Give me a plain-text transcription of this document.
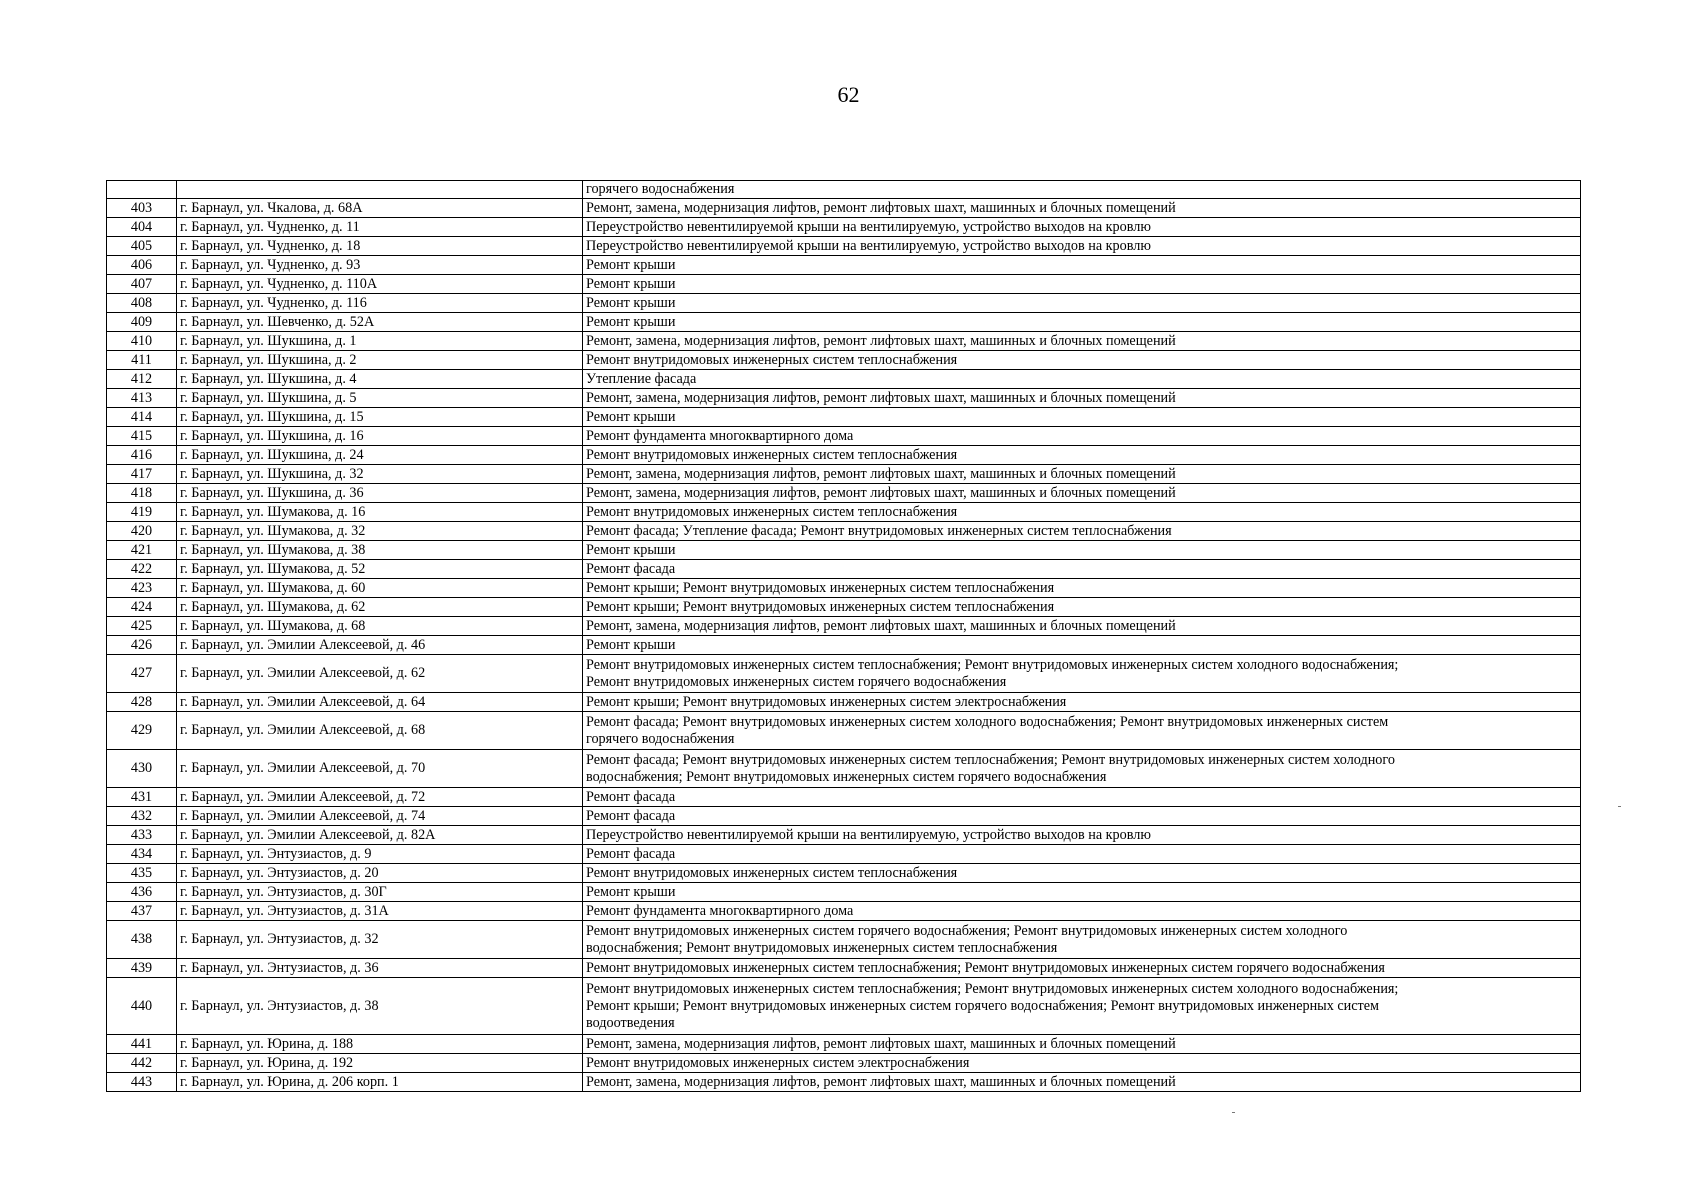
62
		горячего водоснабжения
403	г. Барнаул, ул. Чкалова, д. 68А	Ремонт, замена, модернизация лифтов, ремонт лифтовых шахт, машинных и блочных помещений

404	г. Барнаул, ул. Чудненко, д. 11	Переустройство невентилируемой крыши на вентилируемую, устройство выходов на кровлю

405	г. Барнаул, ул. Чудненко, д. 18	Переустройство невентилируемой крыши на вентилируемую, устройство выходов на кровлю

406	г. Барнаул, ул. Чудненко, д. 93	Ремонт крыши

407	г. Барнаул, ул. Чудненко, д. 110А	Ремонт крыши

408	г. Барнаул, ул. Чудненко, д. 116	Ремонт крыши

409	г. Барнаул, ул. Шевченко, д. 52А	Ремонт крыши

410	г. Барнаул, ул. Шукшина, д. 1	Ремонт, замена, модернизация лифтов, ремонт лифтовых шахт, машинных и блочных помещений

411	г. Барнаул, ул. Шукшина, д. 2	Ремонт внутридомовых инженерных систем теплоснабжения

412	г. Барнаул, ул. Шукшина, д. 4	Утепление фасада

413	г. Барнаул, ул. Шукшина, д. 5	Ремонт, замена, модернизация лифтов, ремонт лифтовых шахт, машинных и блочных помещений

414	г. Барнаул, ул. Шукшина, д. 15	Ремонт крыши

415	г. Барнаул, ул. Шукшина, д. 16	Ремонт фундамента многоквартирного дома

416	г. Барнаул, ул. Шукшина, д. 24	Ремонт внутридомовых инженерных систем теплоснабжения

417	г. Барнаул, ул. Шукшина, д. 32	Ремонт, замена, модернизация лифтов, ремонт лифтовых шахт, машинных и блочных помещений

418	г. Барнаул, ул. Шукшина, д. 36	Ремонт, замена, модернизация лифтов, ремонт лифтовых шахт, машинных и блочных помещений

419	г. Барнаул, ул. Шумакова, д. 16	Ремонт внутридомовых инженерных систем теплоснабжения

420	г. Барнаул, ул. Шумакова, д. 32	Ремонт фасада; Утепление фасада; Ремонт внутридомовых инженерных систем теплоснабжения

421	г. Барнаул, ул. Шумакова, д. 38	Ремонт крыши

422	г. Барнаул, ул. Шумакова, д. 52	Ремонт фасада

423	г. Барнаул, ул. Шумакова, д. 60	Ремонт крыши; Ремонт внутридомовых инженерных систем теплоснабжения

424	г. Барнаул, ул. Шумакова, д. 62	Ремонт крыши; Ремонт внутридомовых инженерных систем теплоснабжения

425	г. Барнаул, ул. Шумакова, д. 68	Ремонт, замена, модернизация лифтов, ремонт лифтовых шахт, машинных и блочных помещений

426	г. Барнаул, ул. Эмилии Алексеевой, д. 46	Ремонт крыши

427	г. Барнаул, ул. Эмилии Алексеевой, д. 62	Ремонт внутридомовых инженерных систем теплоснабжения; Ремонт внутридомовых инженерных систем холодного водоснабжения;
Ремонт внутридомовых инженерных систем горячего водоснабжения

428	г. Барнаул, ул. Эмилии Алексеевой, д. 64	Ремонт крыши; Ремонт внутридомовых инженерных систем электроснабжения

429	г. Барнаул, ул. Эмилии Алексеевой, д. 68	Ремонт фасада; Ремонт внутридомовых инженерных систем холодного водоснабжения; Ремонт внутридомовых инженерных систем
горячего водоснабжения

430	г. Барнаул, ул. Эмилии Алексеевой, д. 70	Ремонт фасада; Ремонт внутридомовых инженерных систем теплоснабжения; Ремонт внутридомовых инженерных систем холодного
водоснабжения; Ремонт внутридомовых инженерных систем горячего водоснабжения

431	г. Барнаул, ул. Эмилии Алексеевой, д. 72	Ремонт фасада

432	г. Барнаул, ул. Эмилии Алексеевой, д. 74	Ремонт фасада

433	г. Барнаул, ул. Эмилии Алексеевой, д. 82А	Переустройство невентилируемой крыши на вентилируемую, устройство выходов на кровлю

434	г. Барнаул, ул. Энтузиастов, д. 9	Ремонт фасада

435	г. Барнаул, ул. Энтузиастов, д. 20	Ремонт внутридомовых инженерных систем теплоснабжения

436	г. Барнаул, ул. Энтузиастов, д. 30Г	Ремонт крыши

437	г. Барнаул, ул. Энтузиастов, д. 31А	Ремонт фундамента многоквартирного дома

438	г. Барнаул, ул. Энтузиастов, д. 32	Ремонт внутридомовых инженерных систем горячего водоснабжения; Ремонт внутридомовых инженерных систем холодного
водоснабжения; Ремонт внутридомовых инженерных систем теплоснабжения

439	г. Барнаул, ул. Энтузиастов, д. 36	Ремонт внутридомовых инженерных систем теплоснабжения; Ремонт внутридомовых инженерных систем горячего водоснабжения

440	г. Барнаул, ул. Энтузиастов, д. 38	Ремонт внутридомовых инженерных систем теплоснабжения; Ремонт внутридомовых инженерных систем холодного водоснабжения;
Ремонт крыши; Ремонт внутридомовых инженерных систем горячего водоснабжения; Ремонт внутридомовых инженерных систем
водоотведения

441	г. Барнаул, ул. Юрина, д. 188	Ремонт, замена, модернизация лифтов, ремонт лифтовых шахт, машинных и блочных помещений

442	г. Барнаул, ул. Юрина, д. 192	Ремонт внутридомовых инженерных систем электроснабжения

443	г. Барнаул, ул. Юрина, д. 206 корп. 1	Ремонт, замена, модернизация лифтов, ремонт лифтовых шахт, машинных и блочных помещений
